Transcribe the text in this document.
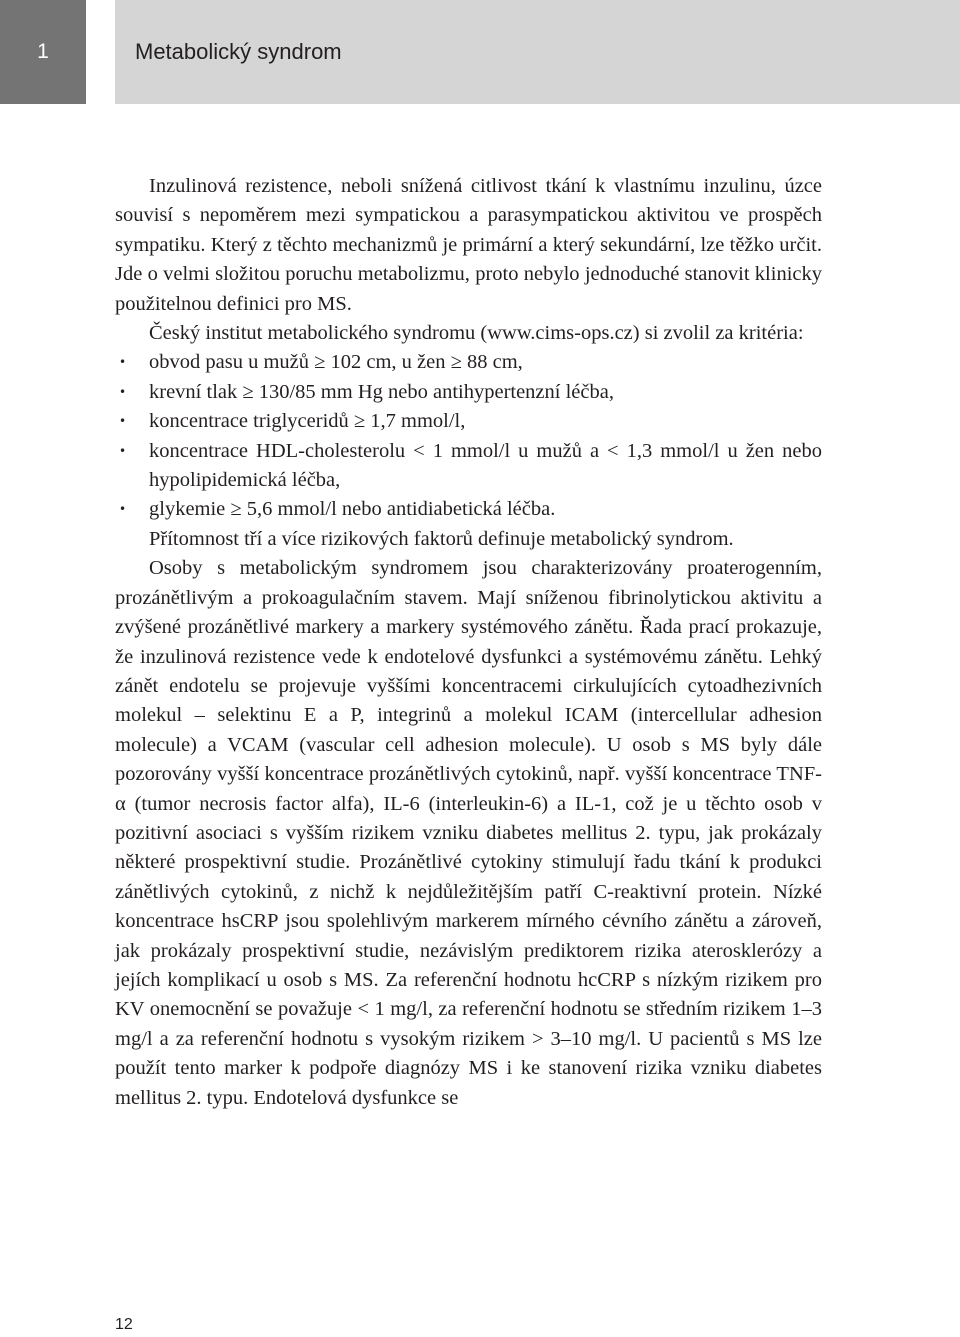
1	Metabolický syndrom

Inzulinová rezistence, neboli snížená citlivost tkání k vlastnímu inzulinu, úzce souvisí s nepoměrem mezi sympatickou a parasympatickou aktivitou ve prospěch sympatiku. Který z těchto mechanizmů je primární a který sekundární, lze těžko určit. Jde o velmi složitou poruchu metabolizmu, proto nebylo jednoduché stanovit klinicky použitelnou definici pro MS.

Český institut metabolického syndromu (www.cims-ops.cz) si zvolil za kritéria:

• obvod pasu u mužů ≥ 102 cm, u žen ≥ 88 cm,
• krevní tlak ≥ 130/85 mm Hg nebo antihypertenzní léčba,
• koncentrace triglyceridů ≥ 1,7 mmol/l,
• koncentrace HDL-cholesterolu < 1 mmol/l u mužů a < 1,3 mmol/l u žen nebo hypolipidemická léčba,
• glykemie ≥ 5,6 mmol/l nebo antidiabetická léčba.

Přítomnost tří a více rizikových faktorů definuje metabolický syndrom.

Osoby s metabolickým syndromem jsou charakterizovány proaterogenním, prozánětlivým a prokoagulačním stavem. Mají sníženou fibrinolytickou aktivitu a zvýšené prozánětlivé markery a markery systémového zánětu. Řada prací prokazuje, že inzulinová rezistence vede k endotelové dysfunkci a systémovému zánětu. Lehký zánět endotelu se projevuje vyššími koncentracemi cirkulujících cytoadhezivních molekul – selektinu E a P, integrinů a molekul ICAM (intercellular adhesion molecule) a VCAM (vascular cell adhesion molecule). U osob s MS byly dále pozorovány vyšší koncentrace prozánětlivých cytokinů, např. vyšší koncentrace TNF-α (tumor necrosis factor alfa), IL-6 (interleukin-6) a IL-1, což je u těchto osob v pozitivní asociaci s vyšším rizikem vzniku diabetes mellitus 2. typu, jak prokázaly některé prospektivní studie. Prozánětlivé cytokiny stimulují řadu tkání k produkci zánětlivých cytokinů, z nichž k nejdůležitějším patří C-reaktivní protein. Nízké koncentrace hsCRP jsou spolehlivým markerem mírného cévního zánětu a zároveň, jak prokázaly prospektivní studie, nezávislým prediktorem rizika aterosklerózy a jejích komplikací u osob s MS. Za referenční hodnotu hcCRP s nízkým rizikem pro KV onemocnění se považuje < 1 mg/l, za referenční hodnotu se středním rizikem 1–3 mg/l a za referenční hodnotu s vysokým rizikem > 3–10 mg/l. U pacientů s MS lze použít tento marker k podpoře diagnózy MS i ke stanovení rizika vzniku diabetes mellitus 2. typu. Endotelová dysfunkce se

12
